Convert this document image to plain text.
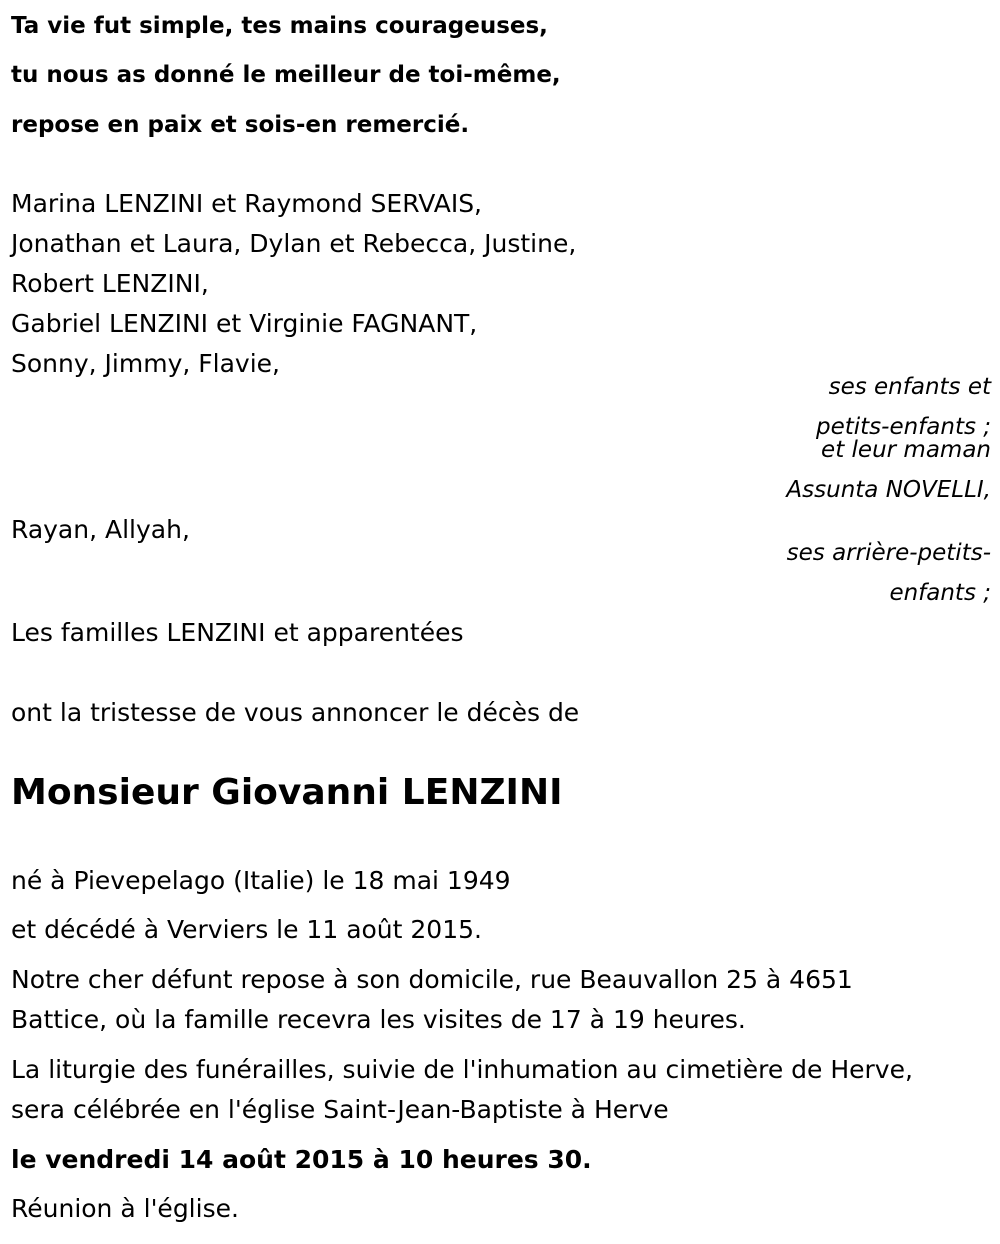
Ta vie fut simple, tes mains courageuses,

tu nous as donné le meilleur de toi-même,

repose en paix et sois-en remercié.

Marina LENZINI et Raymond SERVAIS,

Jonathan et Laura, Dylan et Rebecca, Justine,

Robert LENZINI,

Gabriel LENZINI et Virginie FAGNANT,

Sonny, Jimmy, Flavie,

ses enfants et

petits-enfants ;

et leur maman

Assunta NOVELLI,

Rayan, Allyah,

ses arrière-petits-

enfants ;

Les familles LENZINI et apparentées

ont la tristesse de vous annoncer le décès de

Monsieur Giovanni LENZINI

né à Pievepelago (Italie) le 18 mai 1949

et décédé à Verviers le 11 août 2015.

Notre cher défunt repose à son domicile, rue Beauvallon 25 à 4651

Battice, où la famille recevra les visites de 17 à 19 heures.

La liturgie des funérailles, suivie de l'inhumation au cimetière de Herve,

sera célébrée en l'église Saint-Jean-Baptiste à Herve

le vendredi 14 août 2015 à 10 heures 30.

Réunion à l'église.
